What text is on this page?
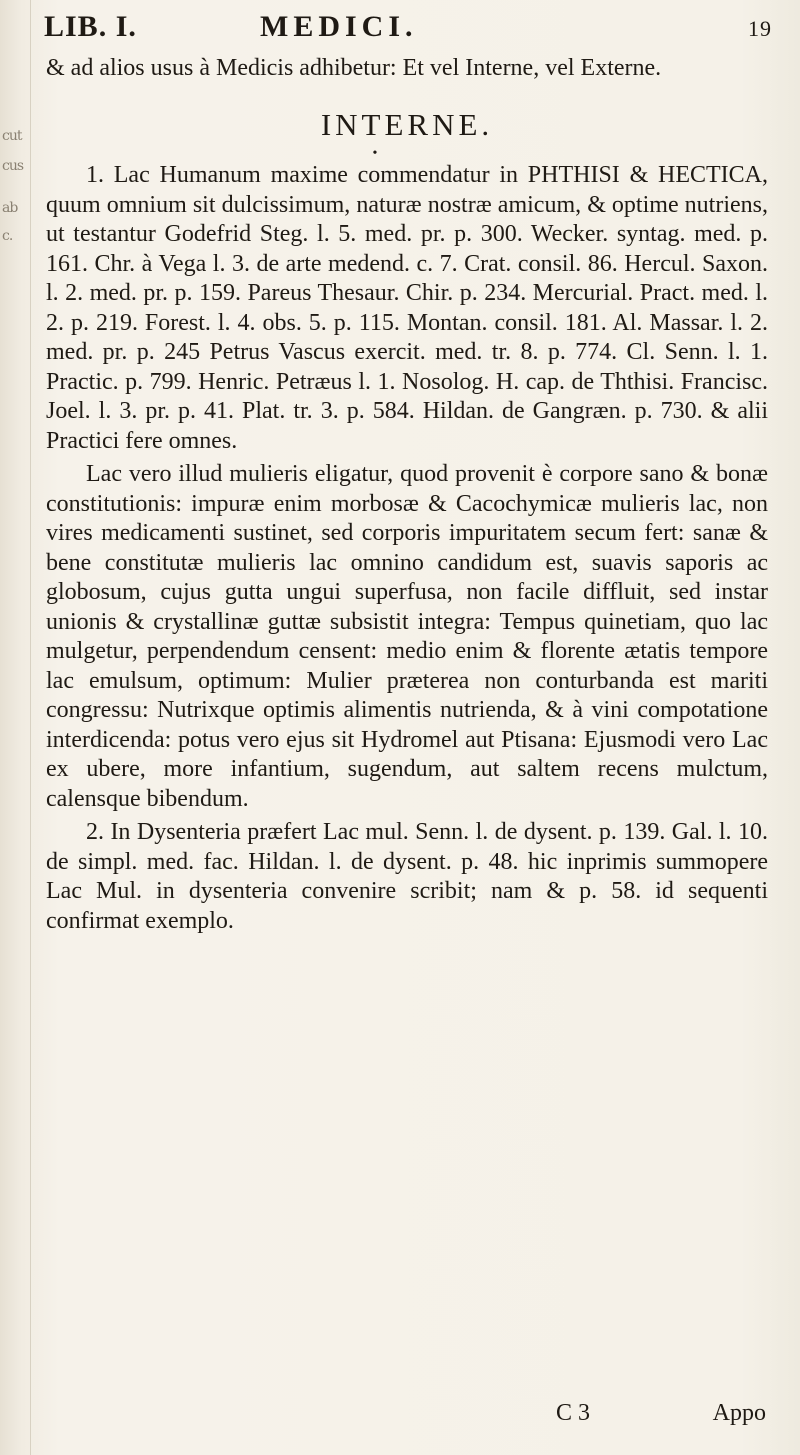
cut
cus
ab
c.
LIB. I.	MEDICI.	19

& ad alios usus à Medicis adhibetur: Et vel Interne, vel Externe.

INTERNE.
•

1. Lac Humanum maxime commendatur in PHTHISI & HECTICA, quum omnium sit dulcissimum, naturæ nostræ amicum, & optime nutriens, ut testantur Godefrid Steg. l. 5. med. pr. p. 300. Wecker. syntag. med. p. 161. Chr. à Vega l. 3. de arte medend. c. 7. Crat. consil. 86. Hercul. Saxon. l. 2. med. pr. p. 159. Pareus Thesaur. Chir. p. 234. Mercurial. Pract. med. l. 2. p. 219. Forest. l. 4. obs. 5. p. 115. Montan. consil. 181. Al. Massar. l. 2. med. pr. p. 245 Petrus Vascus exercit. med. tr. 8. p. 774. Cl. Senn. l. 1. Practic. p. 799. Henric. Petræus l. 1. Nosolog. H. cap. de Ththisi. Francisc. Joel. l. 3. pr. p. 41. Plat. tr. 3. p. 584. Hildan. de Gangræn. p. 730. & alii Practici fere omnes.

Lac vero illud mulieris eligatur, quod provenit è corpore sano & bonæ constitutionis: impuræ enim morbosæ & Cacochymicæ mulieris lac, non vires medicamenti sustinet, sed corporis impuritatem secum fert: sanæ & bene constitutæ mulieris lac omnino candidum est, suavis saporis ac globosum, cujus gutta ungui superfusa, non facile diffluit, sed instar unionis & crystallinæ guttæ subsistit integra: Tempus quinetiam, quo lac mulgetur, perpendendum censent: medio enim & florente ætatis tempore lac emulsum, optimum: Mulier præterea non conturbanda est mariti congressu: Nutrixque optimis alimentis nutrienda, & à vini compotatione interdicenda: potus vero ejus sit Hydromel aut Ptisana: Ejusmodi vero Lac ex ubere, more infantium, sugendum, aut saltem recens mulctum, calensque bibendum.

2. In Dysenteria præfert Lac mul. Senn. l. de dysent. p. 139. Gal. l. 10. de simpl. med. fac. Hildan. l. de dysent. p. 48. hic inprimis summopere Lac Mul. in dysenteria convenire scribit; nam & p. 58. id sequenti confirmat exemplo.

C 3	Appo
